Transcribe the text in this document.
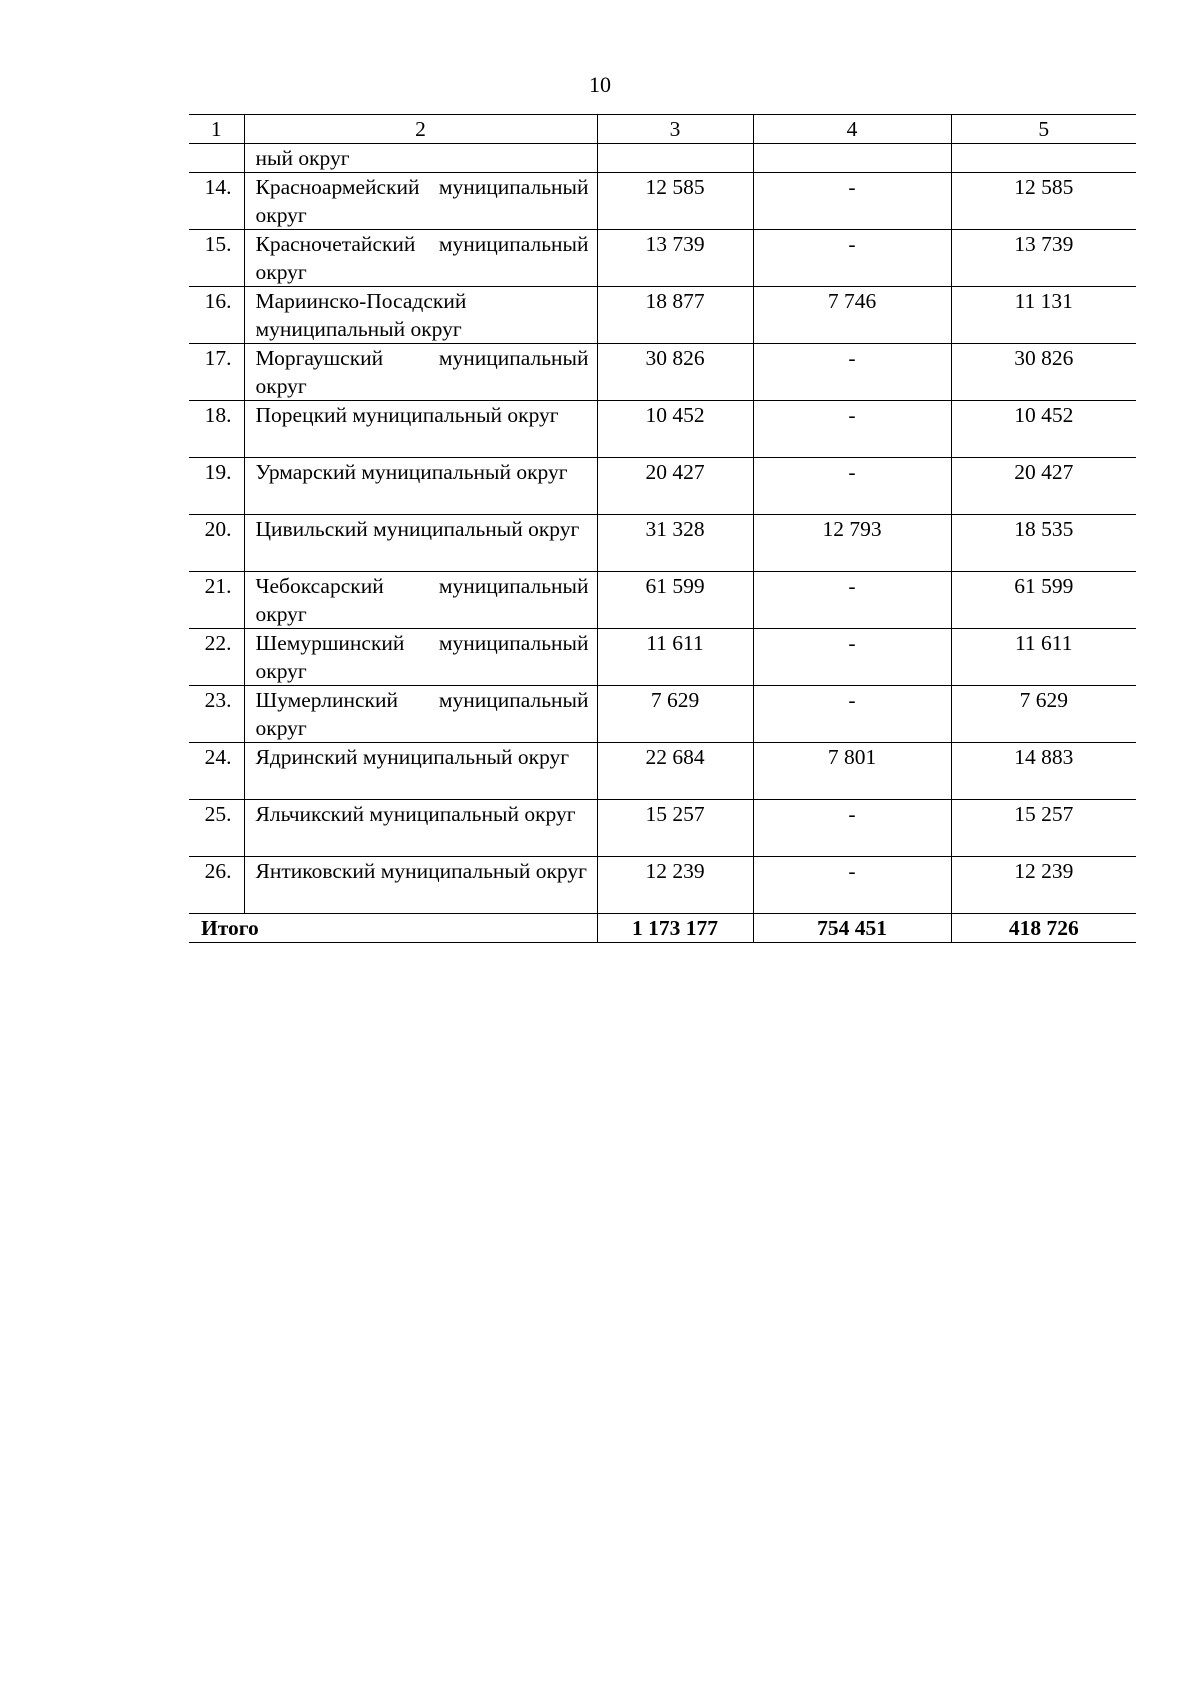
10
1	2	3	4	5
	ный округ			
14.	Красноармейский муниципальный округ	12 585	-	12 585
15.	Красночетайский муниципальный округ	13 739	-	13 739
16.	Мариинско-Посадский муниципальный округ	18 877	7 746	11 131
17.	Моргаушский муниципальный округ	30 826	-	30 826
18.	Порецкий муниципальный округ	10 452	-	10 452
19.	Урмарский муниципальный округ	20 427	-	20 427
20.	Цивильский муниципальный округ	31 328	12 793	18 535
21.	Чебоксарский муниципальный округ	61 599	-	61 599
22.	Шемуршинский муниципальный округ	11 611	-	11 611
23.	Шумерлинский муниципальный округ	7 629	-	7 629
24.	Ядринский муниципальный округ	22 684	7 801	14 883
25.	Яльчикский муниципальный округ	15 257	-	15 257
26.	Янтиковский муниципальный округ	12 239	-	12 239
Итого		1 173 177	754 451	418 726
